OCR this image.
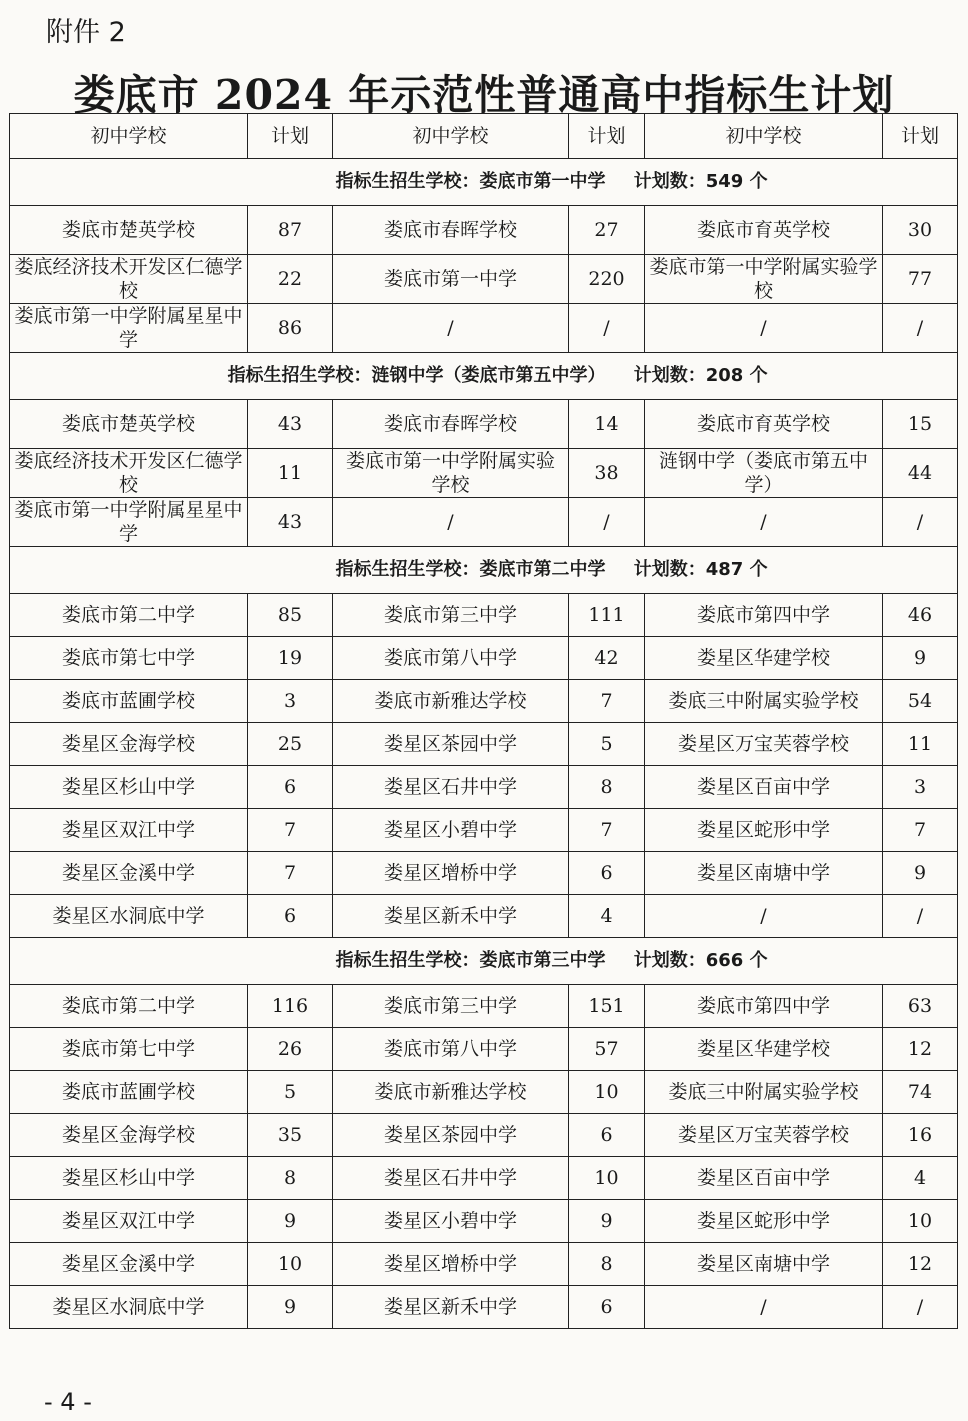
附件 2
娄底市 2024 年示范性普通高中指标生计划
初中学校	计划	初中学校	计划	初中学校	计划

指标生招生学校：娄底市第一中学 计划数：549 个					

娄底市楚英学校	87	娄底市春晖学校	27	娄底市育英学校	30
娄底经济技术开发区仁德学校	22	娄底市第一中学	220	娄底市第一中学附属实验学校	77
娄底市第一中学附属星星中学	86	/	/	/	/

指标生招生学校：涟钢中学（娄底市第五中学） 计划数：208 个					

娄底市楚英学校	43	娄底市春晖学校	14	娄底市育英学校	15
娄底经济技术开发区仁德学校	11	娄底市第一中学附属实验学校	38	涟钢中学（娄底市第五中学）	44
娄底市第一中学附属星星中学	43	/	/	/	/

指标生招生学校：娄底市第二中学 计划数：487 个					

娄底市第二中学	85	娄底市第三中学	111	娄底市第四中学	46
娄底市第七中学	19	娄底市第八中学	42	娄星区华建学校	9
娄底市蓝圃学校	3	娄底市新雅达学校	7	娄底三中附属实验学校	54
娄星区金海学校	25	娄星区茶园中学	5	娄星区万宝芙蓉学校	11
娄星区杉山中学	6	娄星区石井中学	8	娄星区百亩中学	3
娄星区双江中学	7	娄星区小碧中学	7	娄星区蛇形中学	7
娄星区金溪中学	7	娄星区增桥中学	6	娄星区南塘中学	9
娄星区水洞底中学	6	娄星区新禾中学	4	/	/

指标生招生学校：娄底市第三中学 计划数：666 个					

娄底市第二中学	116	娄底市第三中学	151	娄底市第四中学	63
娄底市第七中学	26	娄底市第八中学	57	娄星区华建学校	12
娄底市蓝圃学校	5	娄底市新雅达学校	10	娄底三中附属实验学校	74
娄星区金海学校	35	娄星区茶园中学	6	娄星区万宝芙蓉学校	16
娄星区杉山中学	8	娄星区石井中学	10	娄星区百亩中学	4
娄星区双江中学	9	娄星区小碧中学	9	娄星区蛇形中学	10
娄星区金溪中学	10	娄星区增桥中学	8	娄星区南塘中学	12
娄星区水洞底中学	9	娄星区新禾中学	6	/	/
- 4 -
